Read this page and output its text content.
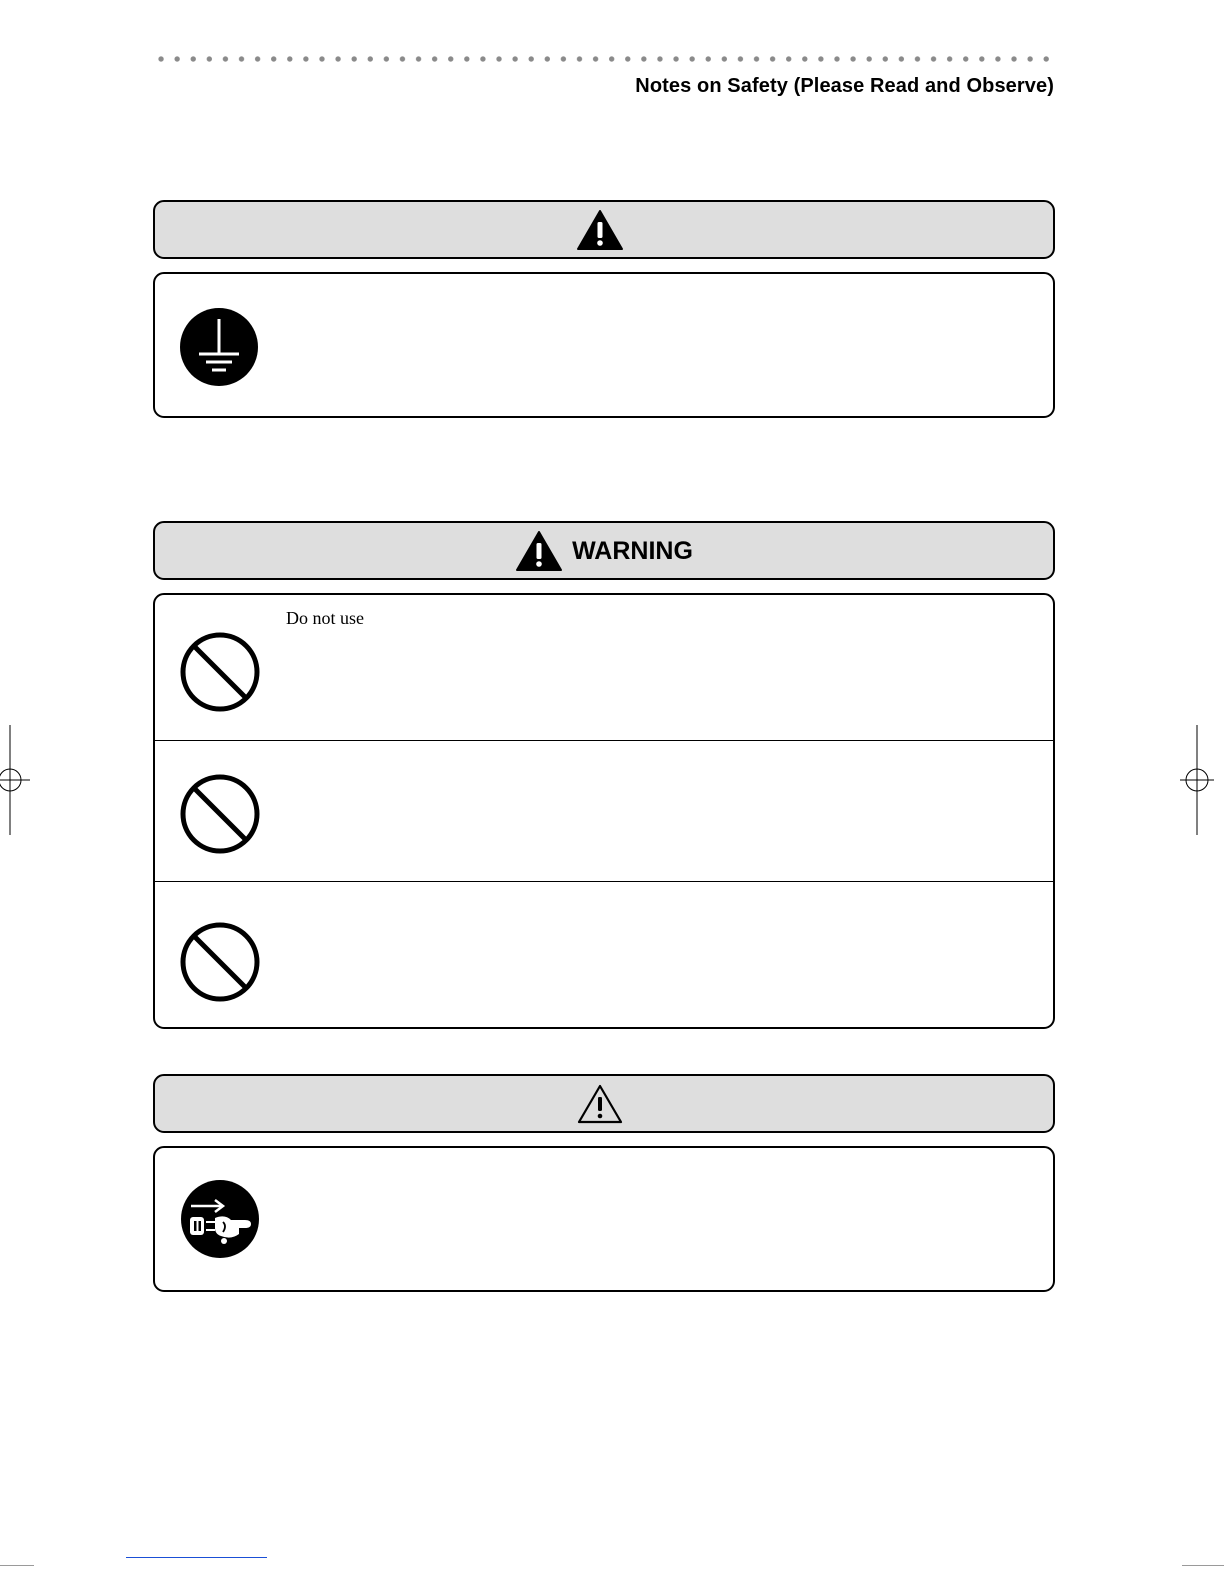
Notes on Safety (Please Read and Observe)
WARNING
Do not use
